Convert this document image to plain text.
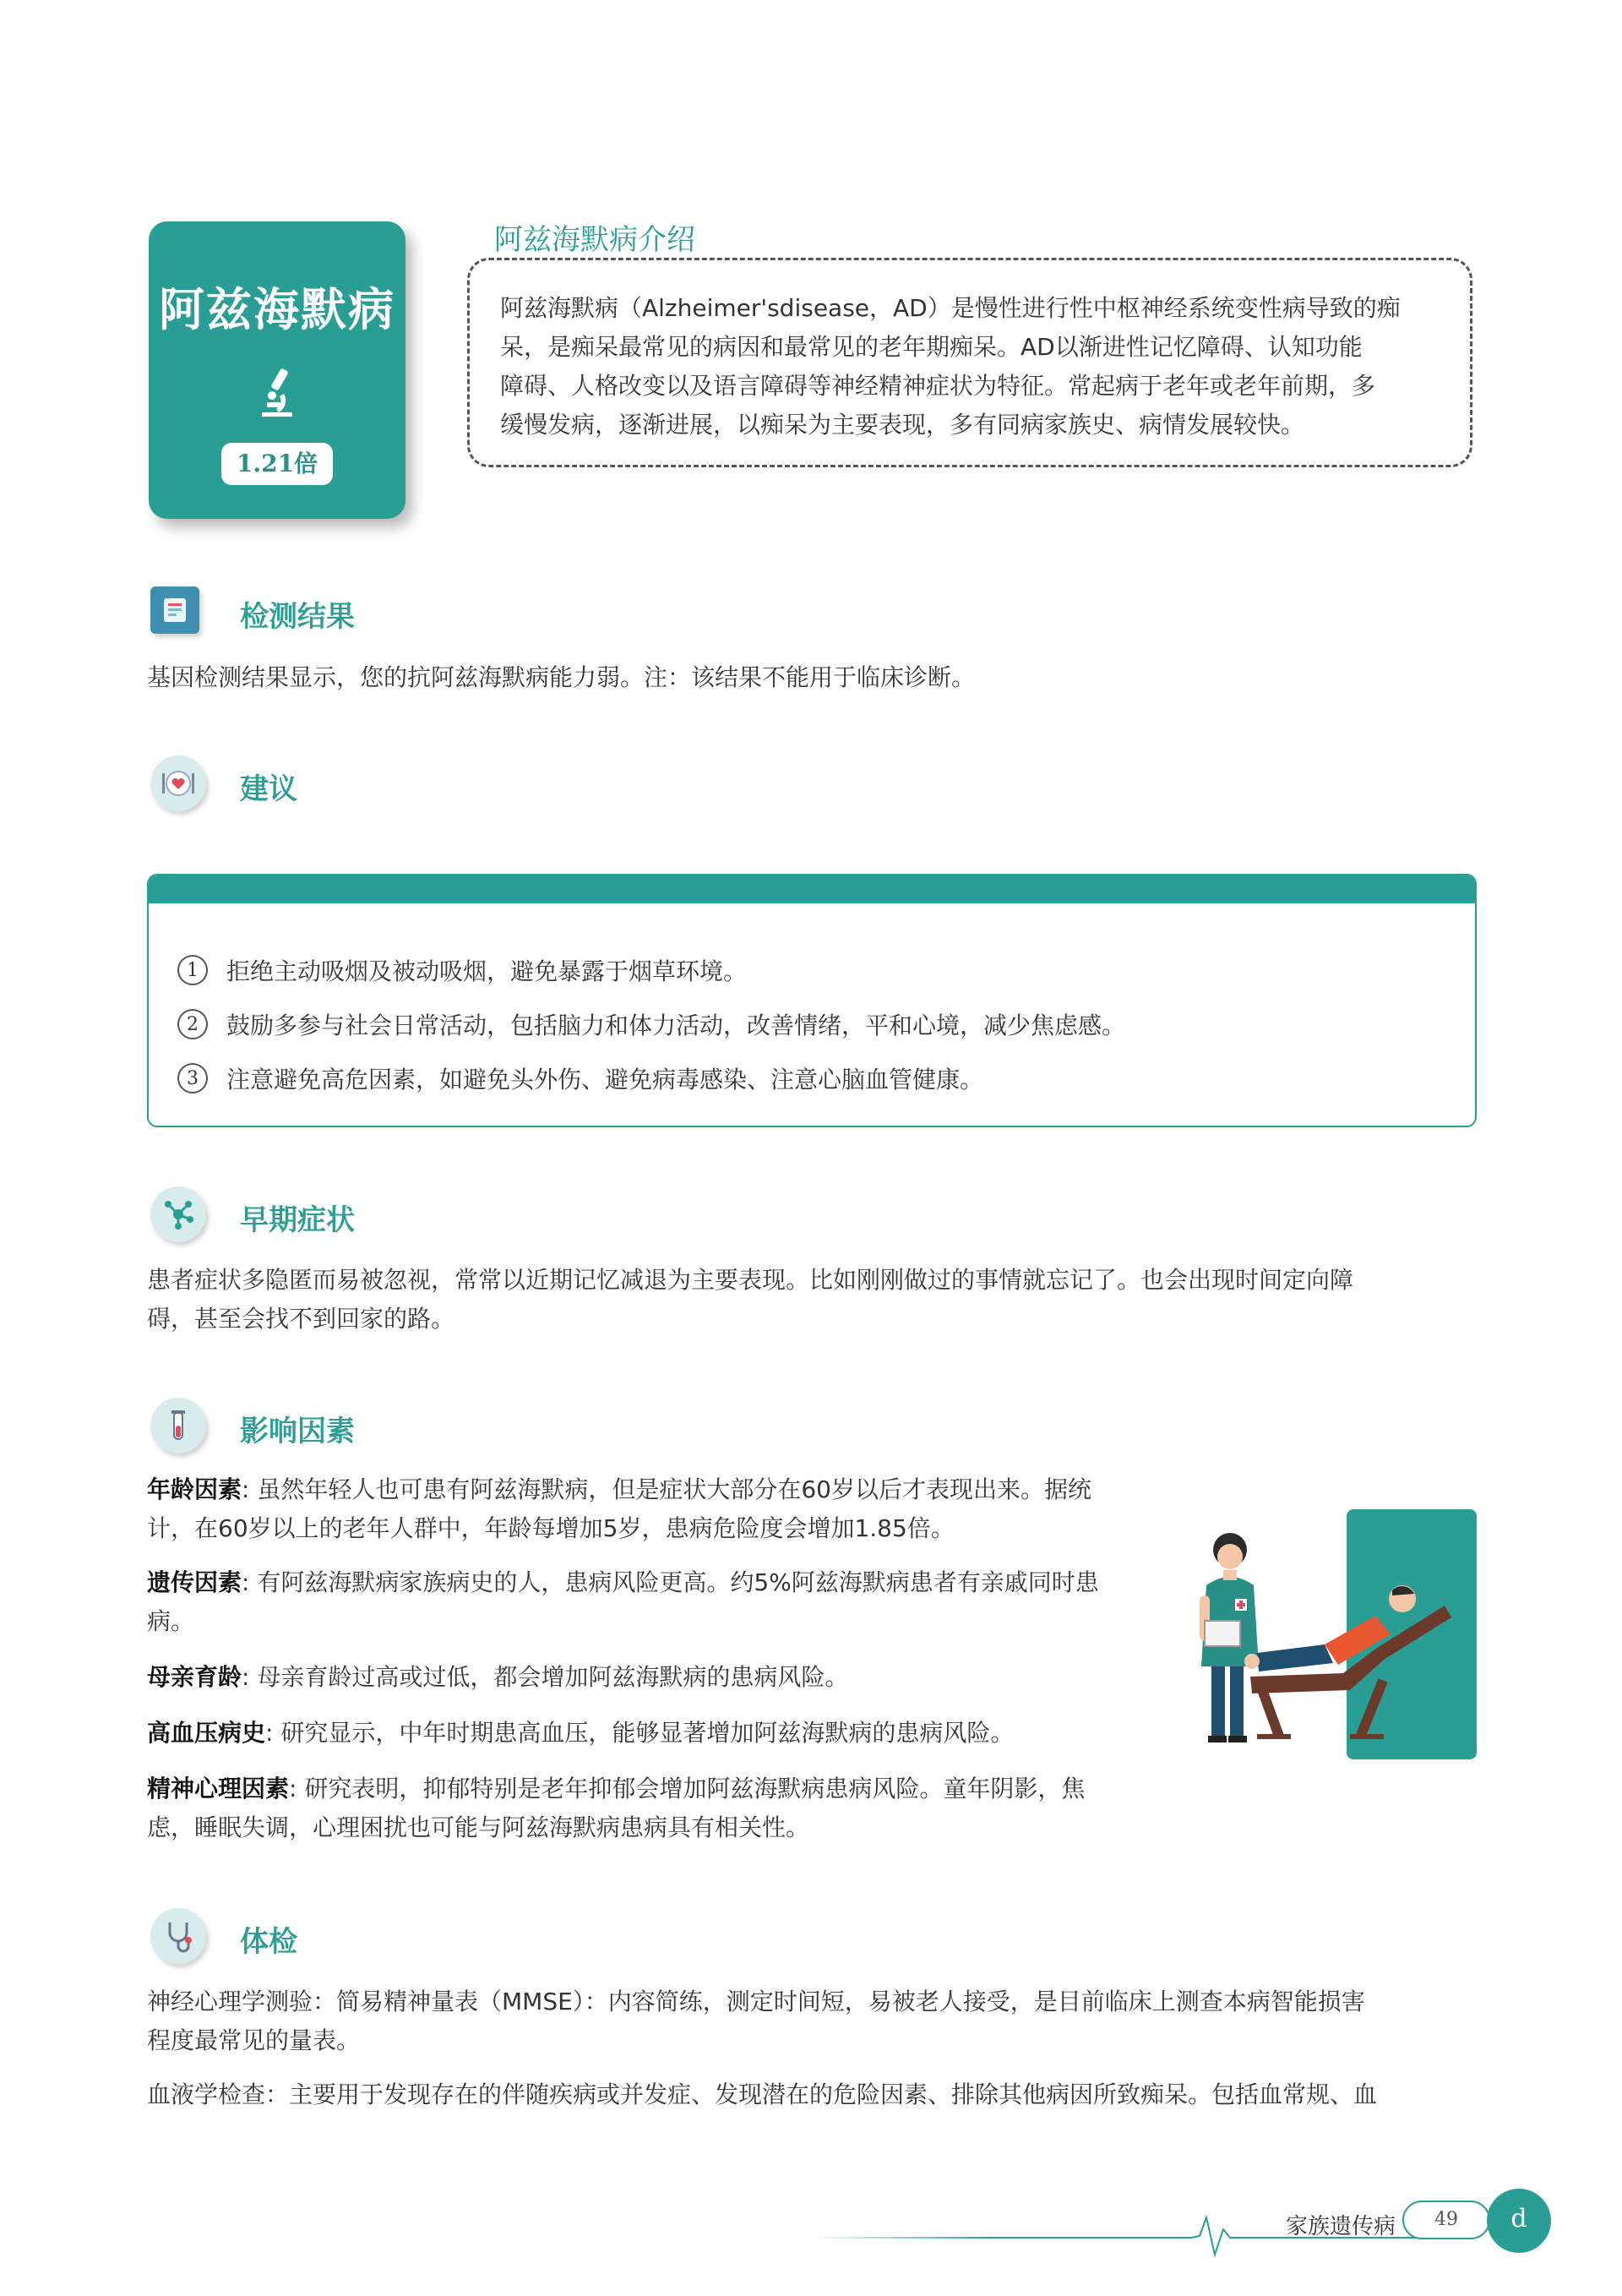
阿兹海默病
1.21倍
阿兹海默病介绍
阿兹海默病（Alzheimer'sdisease，AD）是慢性进行性中枢神经系统变性病导致的痴
呆，是痴呆最常见的病因和最常见的老年期痴呆。AD以渐进性记忆障碍、认知功能
障碍、人格改变以及语言障碍等神经精神症状为特征。常起病于老年或老年前期，多
缓慢发病，逐渐进展，以痴呆为主要表现，多有同病家族史、病情发展较快。
检测结果
基因检测结果显示，您的抗阿兹海默病能力弱。注：该结果不能用于临床诊断。
建议
1	拒绝主动吸烟及被动吸烟，避免暴露于烟草环境。
2	鼓励多参与社会日常活动，包括脑力和体力活动，改善情绪，平和心境，减少焦虑感。
3	注意避免高危因素，如避免头外伤、避免病毒感染、注意心脑血管健康。
早期症状
患者症状多隐匿而易被忽视，常常以近期记忆减退为主要表现。比如刚刚做过的事情就忘记了。也会出现时间定向障
碍，甚至会找不到回家的路。
影响因素
年龄因素: 虽然年轻人也可患有阿兹海默病，但是症状大部分在60岁以后才表现出来。据统
计，在60岁以上的老年人群中，年龄每增加5岁，患病危险度会增加1.85倍。
遗传因素: 有阿兹海默病家族病史的人，患病风险更高。约5%阿兹海默病患者有亲戚同时患
病。
母亲育龄: 母亲育龄过高或过低，都会增加阿兹海默病的患病风险。
高血压病史: 研究显示，中年时期患高血压，能够显著增加阿兹海默病的患病风险。
精神心理因素: 研究表明，抑郁特别是老年抑郁会增加阿兹海默病患病风险。童年阴影，焦
虑，睡眠失调，心理困扰也可能与阿兹海默病患病具有相关性。
体检
神经心理学测验：简易精神量表（MMSE）：内容简练，测定时间短，易被老人接受，是目前临床上测查本病智能损害
程度最常见的量表。
血液学检查：主要用于发现存在的伴随疾病或并发症、发现潜在的危险因素、排除其他病因所致痴呆。包括血常规、血
家族遗传病	49	d
